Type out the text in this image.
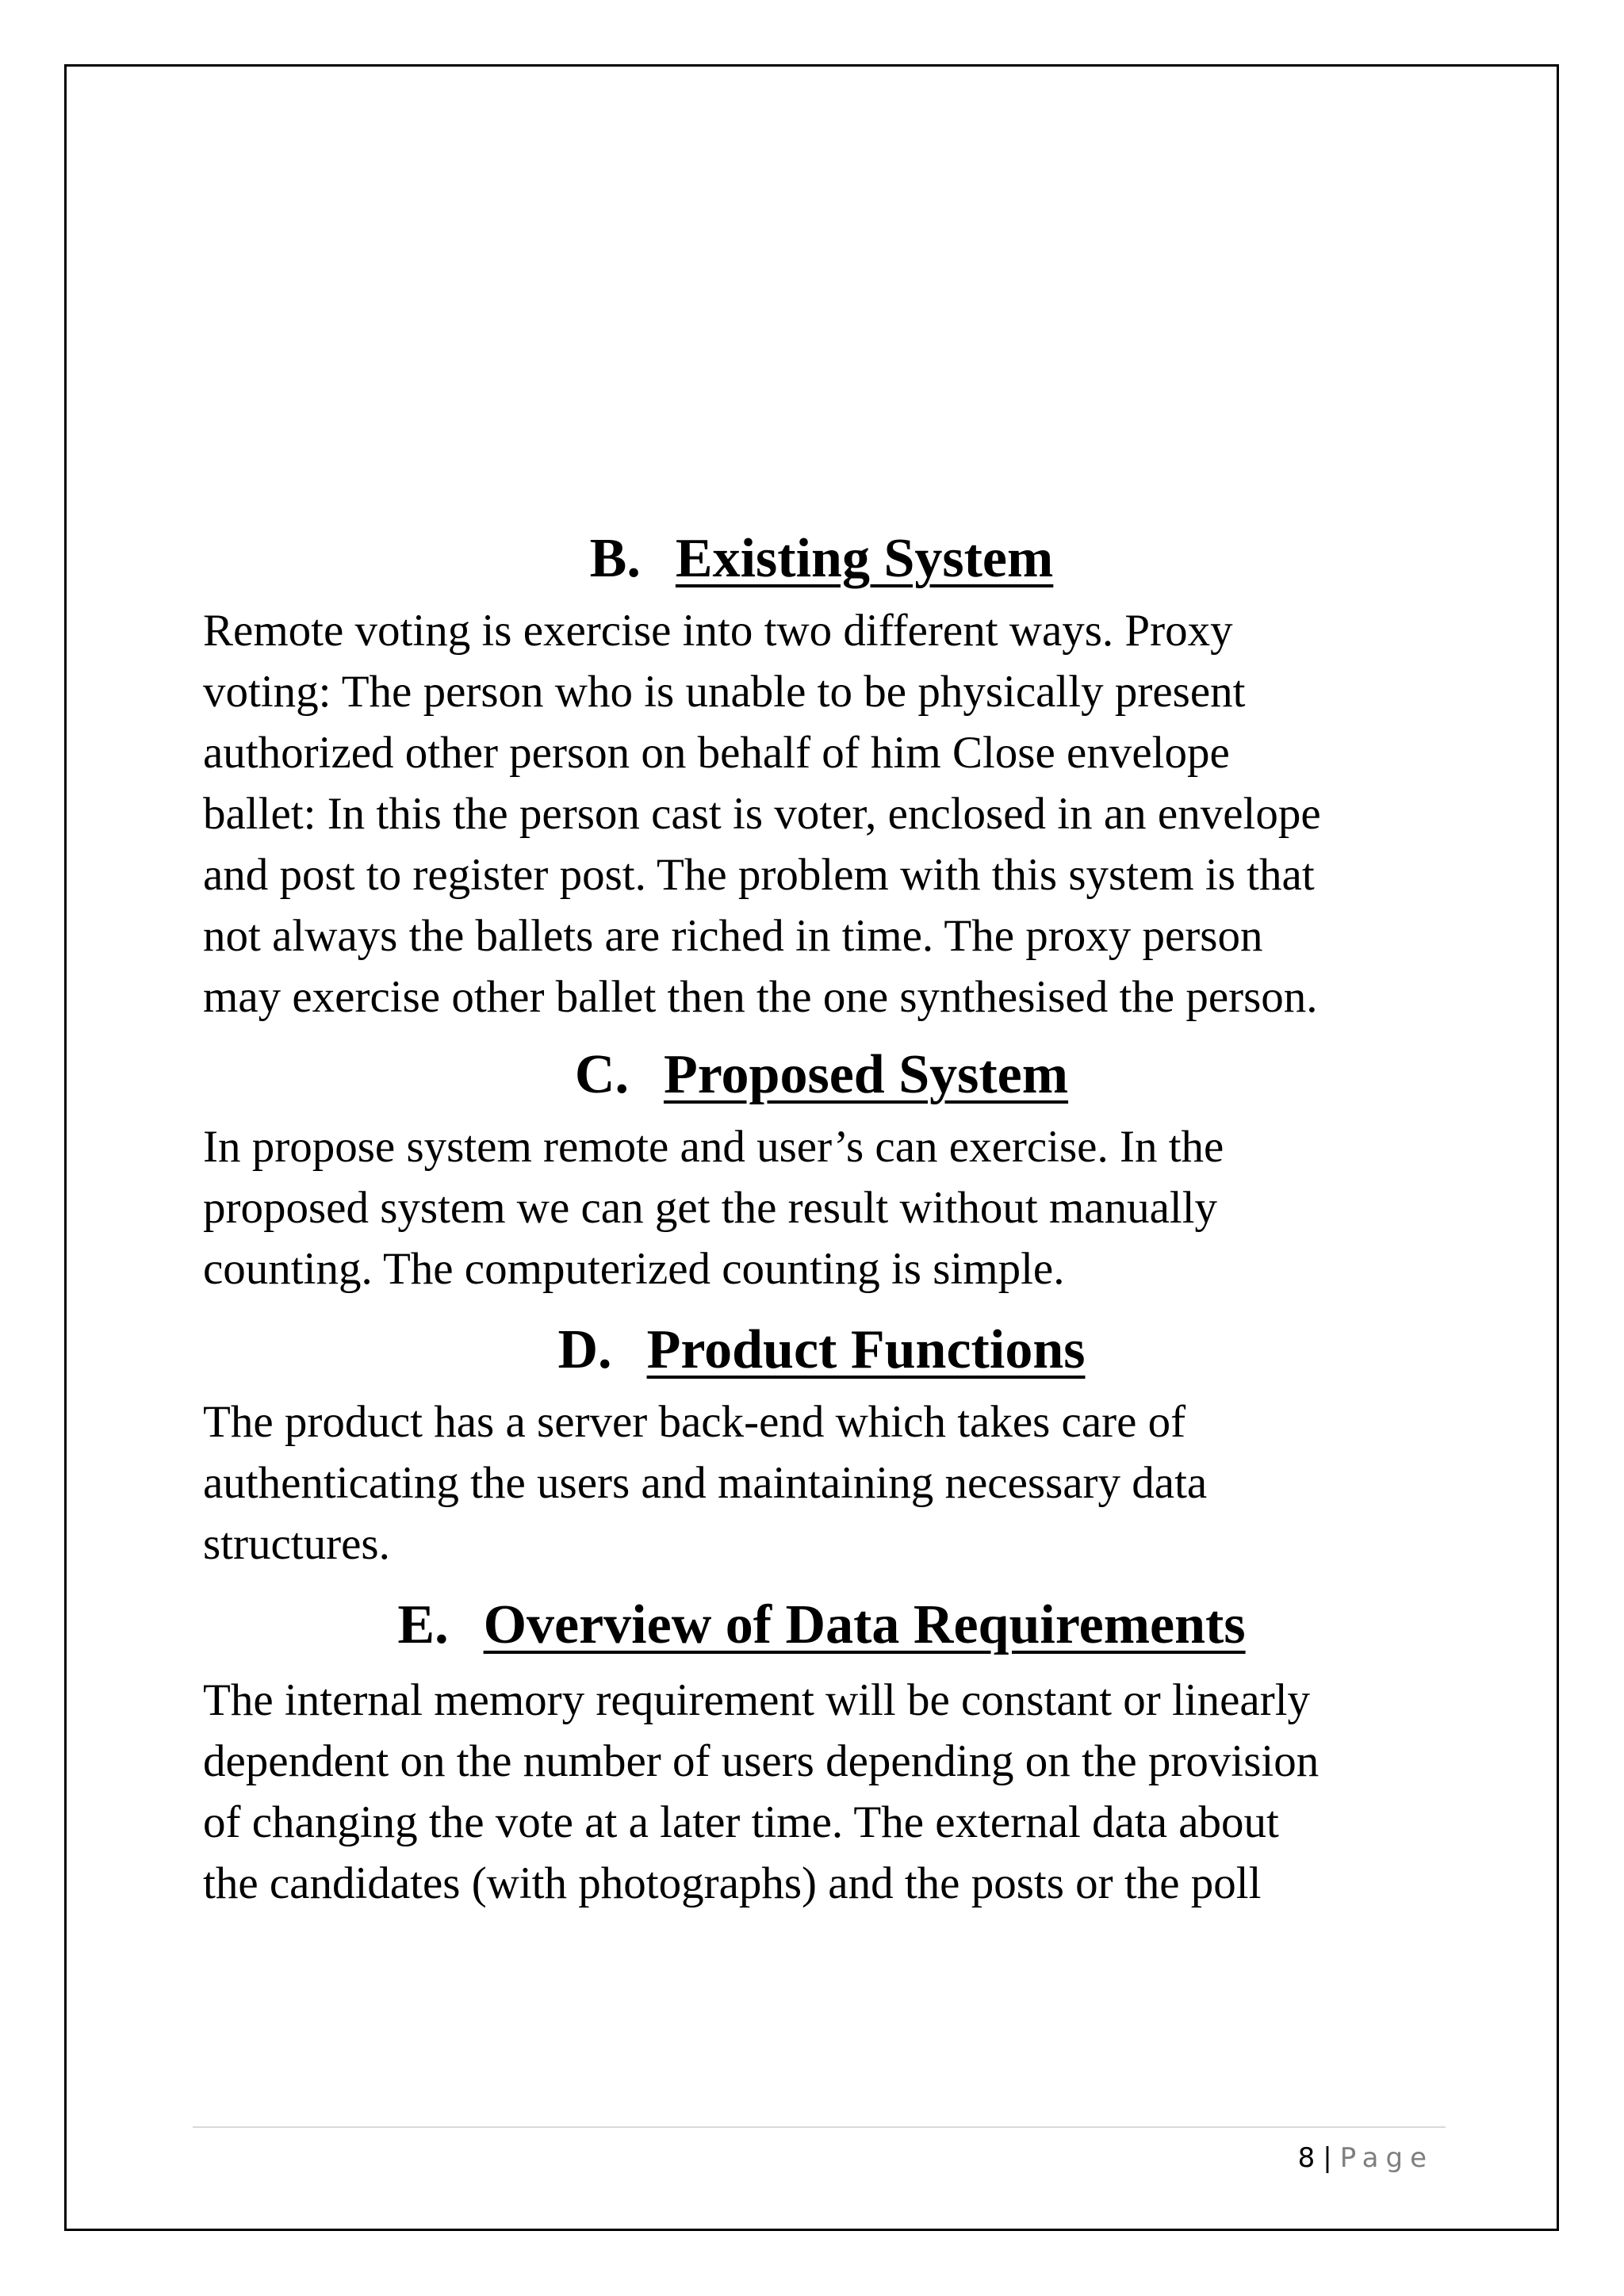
B. Existing System

Remote voting is exercise into two different ways. Proxy
voting: The person who is unable to be physically present
authorized other person on behalf of him Close envelope
ballet: In this the person cast is voter, enclosed in an envelope
and post to register post. The problem with this system is that
not always the ballets are riched in time. The proxy person
may exercise other ballet then the one synthesised the person.

C. Proposed System

In propose system remote and user’s can exercise. In the
proposed system we can get the result without manually
counting. The computerized counting is simple.

D. Product Functions

The product has a server back-end which takes care of
authenticating the users and maintaining necessary data
structures.

E. Overview of Data Requirements

The internal memory requirement will be constant or linearly
dependent on the number of users depending on the provision
of changing the vote at a later time. The external data about
the candidates (with photographs) and the posts or the poll

8 | Page
